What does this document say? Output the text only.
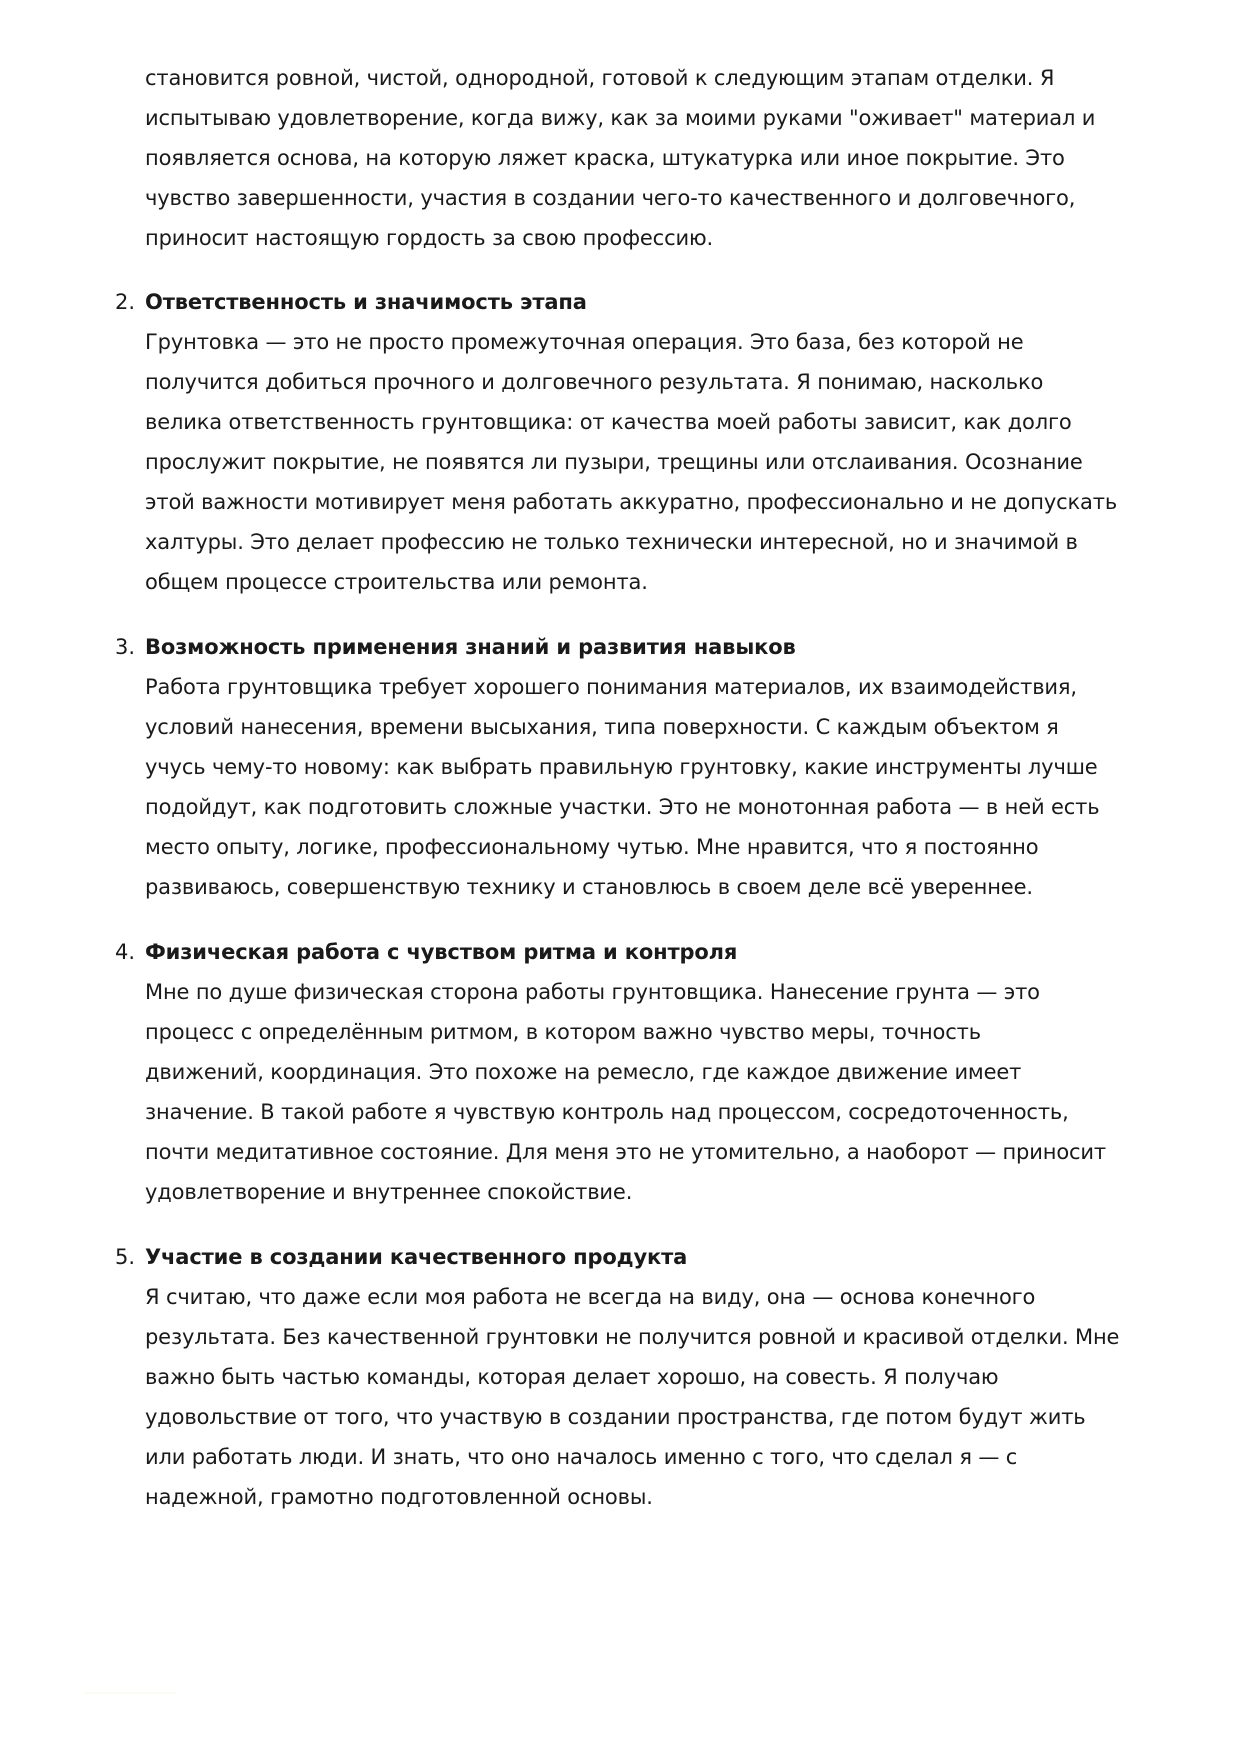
становится ровной, чистой, однородной, готовой к следующим этапам отделки. Я
испытываю удовлетворение, когда вижу, как за моими руками "оживает" материал и
появляется основа, на которую ляжет краска, штукатурка или иное покрытие. Это
чувство завершенности, участия в создании чего-то качественного и долговечного,
приносит настоящую гордость за свою профессию.
2. Ответственность и значимость этапа
Грунтовка — это не просто промежуточная операция. Это база, без которой не
получится добиться прочного и долговечного результата. Я понимаю, насколько
велика ответственность грунтовщика: от качества моей работы зависит, как долго
прослужит покрытие, не появятся ли пузыри, трещины или отслаивания. Осознание
этой важности мотивирует меня работать аккуратно, профессионально и не допускать
халтуры. Это делает профессию не только технически интересной, но и значимой в
общем процессе строительства или ремонта.
3. Возможность применения знаний и развития навыков
Работа грунтовщика требует хорошего понимания материалов, их взаимодействия,
условий нанесения, времени высыхания, типа поверхности. С каждым объектом я
учусь чему-то новому: как выбрать правильную грунтовку, какие инструменты лучше
подойдут, как подготовить сложные участки. Это не монотонная работа — в ней есть
место опыту, логике, профессиональному чутью. Мне нравится, что я постоянно
развиваюсь, совершенствую технику и становлюсь в своем деле всё увереннее.
4. Физическая работа с чувством ритма и контроля
Мне по душе физическая сторона работы грунтовщика. Нанесение грунта — это
процесс с определённым ритмом, в котором важно чувство меры, точность
движений, координация. Это похоже на ремесло, где каждое движение имеет
значение. В такой работе я чувствую контроль над процессом, сосредоточенность,
почти медитативное состояние. Для меня это не утомительно, а наоборот — приносит
удовлетворение и внутреннее спокойствие.
5. Участие в создании качественного продукта
Я считаю, что даже если моя работа не всегда на виду, она — основа конечного
результата. Без качественной грунтовки не получится ровной и красивой отделки. Мне
важно быть частью команды, которая делает хорошо, на совесть. Я получаю
удовольствие от того, что участвую в создании пространства, где потом будут жить
или работать люди. И знать, что оно началось именно с того, что сделал я — с
надежной, грамотно подготовленной основы.
